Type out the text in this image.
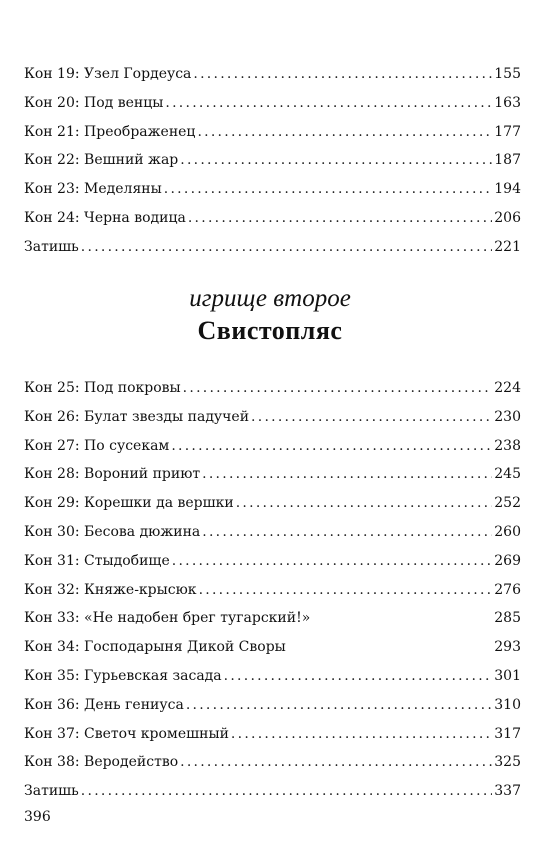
Кон 19: Узел Гордеуса . . .	155
Кон 20: Под венцы . . .	163
Кон 21: Преображенец . . .	177
Кон 22: Вешний жар . . .	187
Кон 23: Меделяны . . .	194
Кон 24: Черна водица . . .	206
Затишь . . .	221
игрище второе
Свистопляс
Кон 25: Под покровы . . .	224
Кон 26: Булат звезды падучей . . .	230
Кон 27: По сусекам . . .	238
Кон 28: Вороний приют . . .	245
Кон 29: Корешки да вершки . . .	252
Кон 30: Бесова дюжина . . .	260
Кон 31: Стыдобище . . .	269
Кон 32: Княже-крысюк . . .	276
Кон 33: «Не надобен брег тугарский!»	285
Кон 34: Господарыня Дикой Своры	293
Кон 35: Гурьевская засада . . .	301
Кон 36: День гениуса . . .	310
Кон 37: Светоч кромешный . . .	317
Кон 38: Веродейство . . .	325
Затишь . . .	337
396
